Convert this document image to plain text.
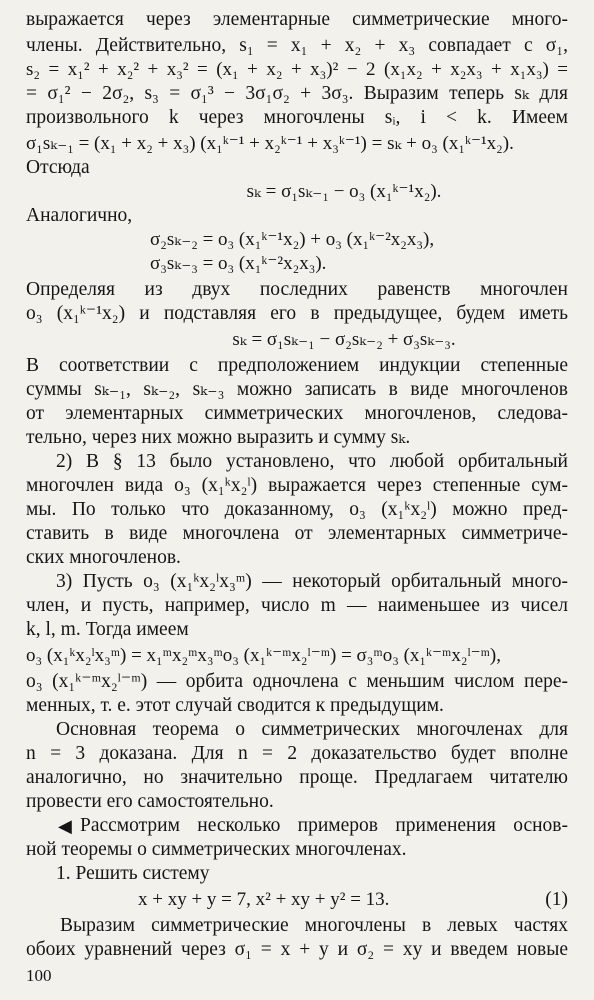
выражается через элементарные симметрические много-
члены. Действительно, s₁ = x₁ + x₂ + x₃ совпадает с σ₁,
s₂ = x₁² + x₂² + x₃² = (x₁ + x₂ + x₃)² − 2 (x₁x₂ + x₂x₃ + x₁x₃) =
= σ₁² − 2σ₂, s₃ = σ₁³ − 3σ₁σ₂ + 3σ₃. Выразим теперь sₖ для
произвольного k через многочлены sᵢ, i < k. Имеем
σ₁sₖ₋₁ = (x₁ + x₂ + x₃) (x₁ᵏ⁻¹ + x₂ᵏ⁻¹ + x₃ᵏ⁻¹) = sₖ + o₃ (x₁ᵏ⁻¹x₂).
Отсюда
sₖ = σ₁sₖ₋₁ − o₃ (x₁ᵏ⁻¹x₂).
Аналогично,
σ₂sₖ₋₂ = o₃ (x₁ᵏ⁻¹x₂) + o₃ (x₁ᵏ⁻²x₂x₃),
σ₃sₖ₋₃ = o₃ (x₁ᵏ⁻²x₂x₃).
Определяя из двух последних равенств многочлен
o₃ (x₁ᵏ⁻¹x₂) и подставляя его в предыдущее, будем иметь
sₖ = σ₁sₖ₋₁ − σ₂sₖ₋₂ + σ₃sₖ₋₃.
В соответствии с предположением индукции степенные
суммы sₖ₋₁, sₖ₋₂, sₖ₋₃ можно записать в виде многочленов
от элементарных симметрических многочленов, следова-
тельно, через них можно выразить и сумму sₖ.
2) В § 13 было установлено, что любой орбитальный
многочлен вида o₃ (x₁ᵏx₂ˡ) выражается через степенные сум-
мы. По только что доказанному, o₃ (x₁ᵏx₂ˡ) можно пред-
ставить в виде многочлена от элементарных симметриче-
ских многочленов.
3) Пусть o₃ (x₁ᵏx₂ˡx₃ᵐ) — некоторый орбитальный много-
член, и пусть, например, число m — наименьшее из чисел
k, l, m. Тогда имеем
o₃ (x₁ᵏx₂ˡx₃ᵐ) = x₁ᵐx₂ᵐx₃ᵐo₃ (x₁ᵏ⁻ᵐx₂ˡ⁻ᵐ) = σ₃ᵐo₃ (x₁ᵏ⁻ᵐx₂ˡ⁻ᵐ),
o₃ (x₁ᵏ⁻ᵐx₂ˡ⁻ᵐ) — орбита одночлена с меньшим числом пере-
менных, т. е. этот случай сводится к предыдущим.
Основная теорема о симметрических многочленах для
n = 3 доказана. Для n = 2 доказательство будет вполне
аналогично, но значительно проще. Предлагаем читателю
провести его самостоятельно.
◀ Рассмотрим несколько примеров применения основ-
ной теоремы о симметрических многочленах.
1. Решить систему
x + xy + y = 7, x² + xy + y² = 13.	(1)
Выразим симметрические многочлены в левых частях
обоих уравнений через σ₁ = x + y и σ₂ = xy и введем новые
100
